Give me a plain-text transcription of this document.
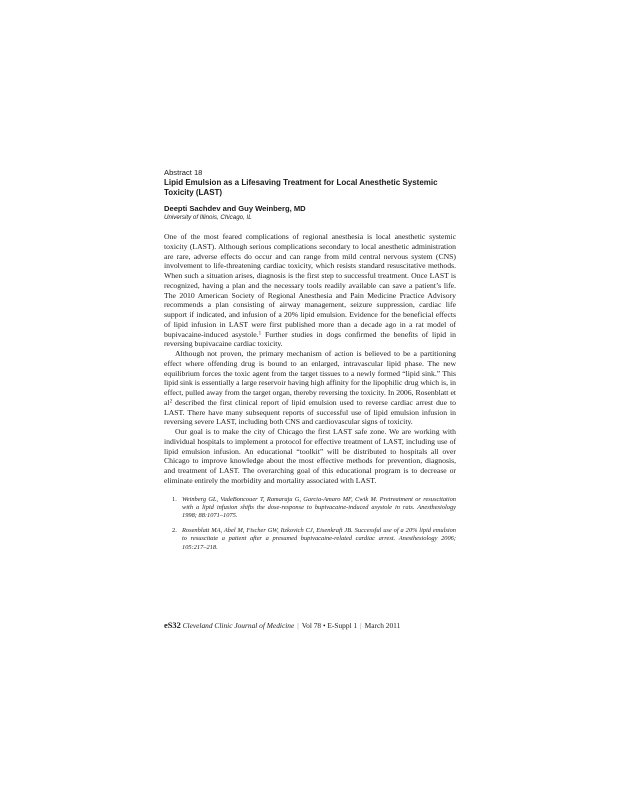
Abstract 18
Lipid Emulsion as a Lifesaving Treatment for Local Anesthetic Systemic Toxicity (LAST)
Deepti Sachdev and Guy Weinberg, MD
University of Illinois, Chicago, IL

One of the most feared complications of regional anesthesia is local anesthetic systemic toxicity (LAST). Although serious complications secondary to local anesthetic administration are rare, adverse effects do occur and can range from mild central nervous system (CNS) involvement to life-threatening cardiac toxicity, which resists standard resuscitative methods. When such a situation arises, diagnosis is the first step to successful treatment. Once LAST is recognized, having a plan and the necessary tools readily available can save a patient’s life. The 2010 American Society of Regional Anesthesia and Pain Medicine Practice Advisory recommends a plan consisting of airway management, seizure suppression, cardiac life support if indicated, and infusion of a 20% lipid emulsion. Evidence for the beneficial effects of lipid infusion in LAST were first published more than a decade ago in a rat model of bupivacaine-induced asystole.$^1$ Further studies in dogs confirmed the benefits of lipid in reversing bupivacaine cardiac toxicity.

Although not proven, the primary mechanism of action is believed to be a partitioning effect where offending drug is bound to an enlarged, intravascular lipid phase. The new equilibrium forces the toxic agent from the target tissues to a newly formed “lipid sink.” This lipid sink is essentially a large reservoir having high affinity for the lipophilic drug which is, in effect, pulled away from the target organ, thereby reversing the toxicity. In 2006, Rosenblatt et $al^2$ described the first clinical report of lipid emulsion used to reverse cardiac arrest due to LAST. There have many subsequent reports of successful use of lipid emulsion infusion in reversing severe LAST, including both CNS and cardiovascular signs of toxicity.

Our goal is to make the city of Chicago the first LAST safe zone. We are working with individual hospitals to implement a protocol for effective treatment of LAST, including use of lipid emulsion infusion. An educational “toolkit” will be distributed to hospitals all over Chicago to improve knowledge about the most effective methods for prevention, diagnosis, and treatment of LAST. The overarching goal of this educational program is to decrease or eliminate entirely the morbidity and mortality associated with LAST.

1. Weinberg GL, VadeBoncouer T, Ramaraju G, Garcia-Amaro MF, Cwik M. Pretreatment or resuscitation with a lipid infusion shifts the dose-response to bupivacaine-induced asystole in rats. Anesthesiology 1998; 88:1071–1075.
2. Rosenblatt MA, Abel M, Fischer GW, Itzkovich CJ, Eisenkraft JB. Successful use of a 20% lipid emulsion to resuscitate a patient after a presumed bupivacaine-related cardiac arrest. Anesthesiology 2006; 105:217–218.
eS32 Cleveland Clinic Journal of Medicine | Vol 78 • E-Suppl 1 | March 2011
